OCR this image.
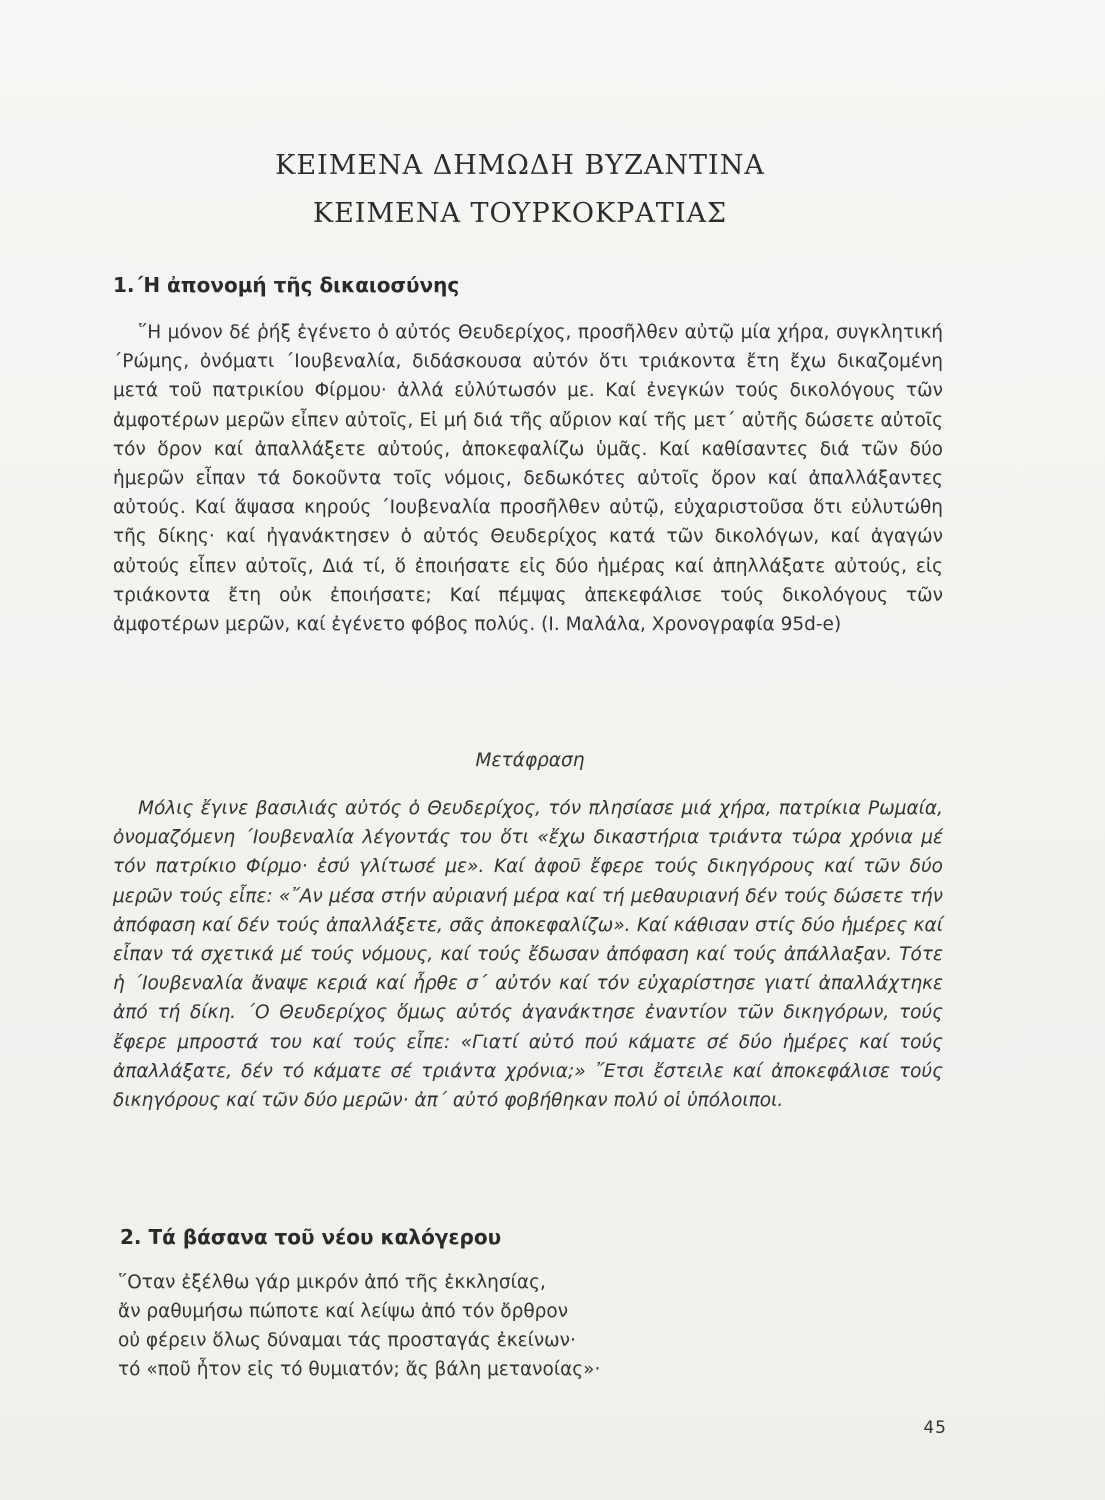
ΚΕΙΜΕΝΑ ΔΗΜΩΔΗ ΒΥΖΑΝΤΙΝΑ
ΚΕΙΜΕΝΑ ΤΟΥΡΚΟΚΡΑΤΙΑΣ
1.΄Η ἀπονομή τῆς δικαιοσύνης
῞Η μόνον δέ ῥήξ ἐγένετο ὁ αὐτός Θευδερίχος, προσῆλθεν αὐτῷ μία χήρα, συγκλητική ΄Ρώμης, ὀνόματι ΄Ιουβεναλία, διδάσκουσα αὐτόν ὅτι τριάκοντα ἔτη ἔχω δικαζομένη μετά τοῦ πατρικίου Φίρμου· ἀλλά εὐλύτωσόν με. Καί ἐνεγκών τούς δικολόγους τῶν ἀμφοτέρων μερῶν εἶπεν αὐτοῖς, Εἰ μή διά τῆς αὔριον καί τῆς μετ΄ αὐτῆς δώσετε αὐτοῖς τόν ὅρον καί ἀπαλλάξετε αὐτούς, ἀποκεφαλίζω ὑμᾶς. Καί καθίσαντες διά τῶν δύο ἡμερῶν εἶπαν τά δοκοῦντα τοῖς νόμοις, δεδωκότες αὐτοῖς ὅρον καί ἀπαλλάξαντες αὐτούς. Καί ἅψασα κηρούς ΄Ιουβεναλία προσῆλθεν αὐτῷ, εὐχαριστοῦσα ὅτι εὐλυτώθη τῆς δίκης· καί ἠγανάκτησεν ὁ αὐτός Θευδερίχος κατά τῶν δικολόγων, καί ἀγαγών αὐτούς εἶπεν αὐτοῖς, Διά τί, ὅ ἐποιήσατε εἰς δύο ἡμέρας καί ἀπηλλάξατε αὐτούς, εἰς τριάκοντα ἔτη οὐκ ἐποιήσατε; Καί πέμψας ἀπεκεφάλισε τούς δικολόγους τῶν ἀμφοτέρων μερῶν, καί ἐγένετο φόβος πολύς. (Ι. Μαλάλα, Χρονογραφία 95d-e)
Μετάφραση
Μόλις ἔγινε βασιλιάς αὐτός ὁ Θευδερίχος, τόν πλησίασε μιά χήρα, πατρίκια Ρωμαία, ὀνομαζόμενη ΄Ιουβεναλία λέγοντάς του ὅτι «ἔχω δικαστήρια τριάντα τώρα χρόνια μέ τόν πατρίκιο Φίρμο· ἐσύ γλίτωσέ με». Καί ἀφοῦ ἔφερε τούς δικηγόρους καί τῶν δύο μερῶν τούς εἶπε: «῎Αν μέσα στήν αὐριανή μέρα καί τή μεθαυριανή δέν τούς δώσετε τήν ἀπόφαση καί δέν τούς ἀπαλλάξετε, σᾶς ἀποκεφαλίζω». Καί κάθισαν στίς δύο ἡμέρες καί εἶπαν τά σχετικά μέ τούς νόμους, καί τούς ἔδωσαν ἀπόφαση καί τούς ἀπάλλαξαν. Τότε ἡ ΄Ιουβεναλία ἄναψε κεριά καί ἦρθε σ΄ αὐτόν καί τόν εὐχαρίστησε γιατί ἀπαλλάχτηκε ἀπό τή δίκη. ΄Ο Θευδερίχος ὅμως αὐτός ἀγανάκτησε ἐναντίον τῶν δικηγόρων, τούς ἔφερε μπροστά του καί τούς εἶπε: «Γιατί αὐτό πού κάματε σέ δύο ἡμέρες καί τούς ἀπαλλάξατε, δέν τό κάματε σέ τριάντα χρόνια;» ῎Ετσι ἔστειλε καί ἀποκεφάλισε τούς δικηγόρους καί τῶν δύο μερῶν· ἀπ΄ αὐτό φοβήθηκαν πολύ οἱ ὑπόλοιποι.
2. Τά βάσανα τοῦ νέου καλόγερου
῞Οταν ἐξέλθω γάρ μικρόν ἀπό τῆς ἐκκλησίας,
ἄν ραθυμήσω πώποτε καί λείψω ἀπό τόν ὄρθρον
οὐ φέρειν ὅλως δύναμαι τάς προσταγάς ἐκείνων·
τό «ποῦ ἦτον εἰς τό θυμιατόν; ἄς βάλη μετανοίας»·
45
